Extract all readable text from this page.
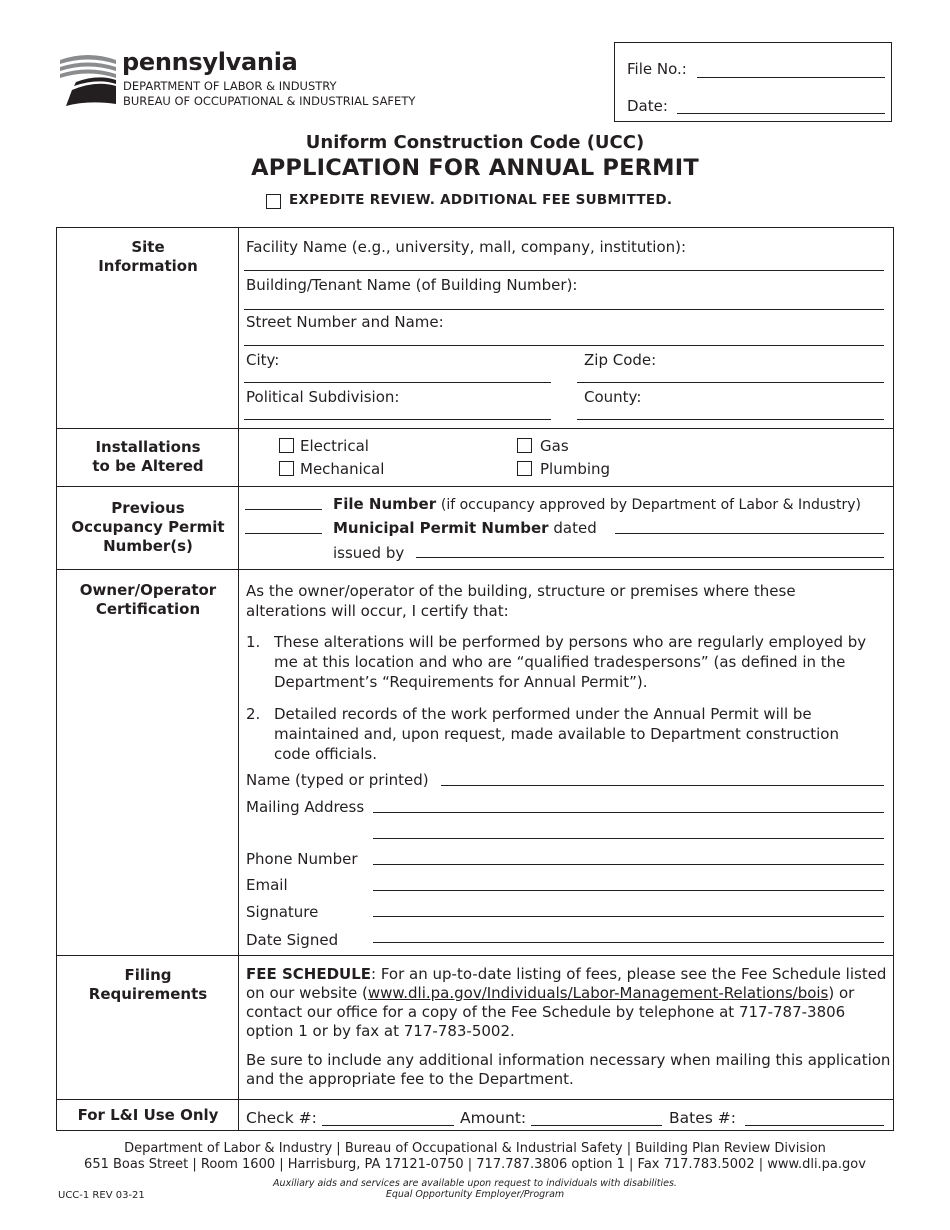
pennsylvania
DEPARTMENT OF LABOR & INDUSTRY
BUREAU OF OCCUPATIONAL & INDUSTRIAL SAFETY
File No.:
Date:
Uniform Construction Code (UCC)
APPLICATION FOR ANNUAL PERMIT
EXPEDITE REVIEW. ADDITIONAL FEE SUBMITTED.
Site
Information
Facility Name (e.g., university, mall, company, institution):
Building/Tenant Name (of Building Number):
Street Number and Name:
City:	Zip Code:
Political Subdivision:	County:
Installations
to be Altered
Electrical	Gas
Mechanical	Plumbing
Previous
Occupancy Permit
Number(s)
File Number (if occupancy approved by Department of Labor & Industry)
Municipal Permit Number dated
issued by
Owner/Operator
Certification
As the owner/operator of the building, structure or premises where these alterations will occur, I certify that:
1. These alterations will be performed by persons who are regularly employed by me at this location and who are “qualified tradespersons” (as defined in the Department’s “Requirements for Annual Permit”).
2. Detailed records of the work performed under the Annual Permit will be maintained and, upon request, made available to Department construction code officials.
Name (typed or printed)
Mailing Address
Phone Number
Email
Signature
Date Signed
Filing
Requirements
FEE SCHEDULE: For an up-to-date listing of fees, please see the Fee Schedule listed on our website (www.dli.pa.gov/Individuals/Labor-Management-Relations/bois) or contact our office for a copy of the Fee Schedule by telephone at 717-787-3806 option 1 or by fax at 717-783-5002.
Be sure to include any additional information necessary when mailing this application and the appropriate fee to the Department.
For L&I Use Only	Check #:	Amount:	Bates #:
Department of Labor & Industry | Bureau of Occupational & Industrial Safety | Building Plan Review Division
651 Boas Street | Room 1600 | Harrisburg, PA 17121-0750 | 717.787.3806 option 1 | Fax 717.783.5002 | www.dli.pa.gov
Auxiliary aids and services are available upon request to individuals with disabilities.
Equal Opportunity Employer/Program
UCC-1 REV 03-21
